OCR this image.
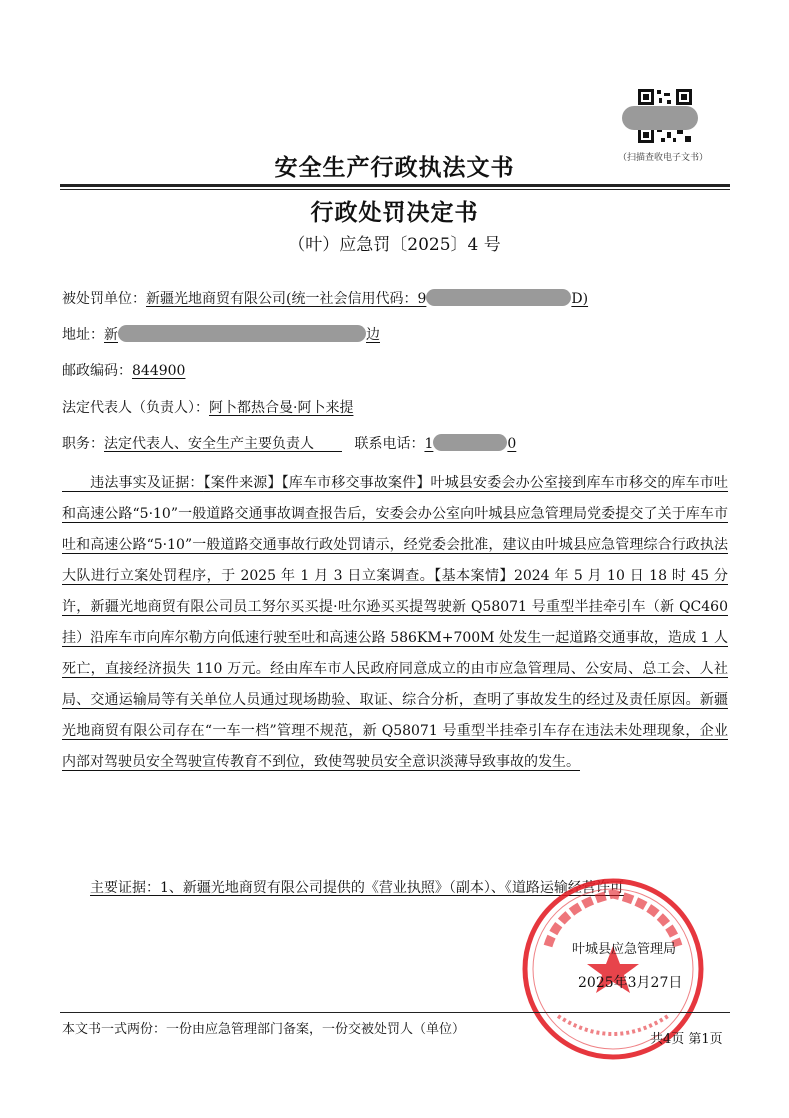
（扫描查收电子文书）
安全生产行政执法文书
行政处罚决定书
（叶）应急罚〔2025〕4 号
被处罚单位：新疆光地商贸有限公司(统一社会信用代码：9	D)
地址：新	边
邮政编码：844900
法定代表人（负责人）：阿卜都热合曼·阿卜来提
职务：法定代表人、安全生产主要负责人  	联系电话：1	0

  违法事实及证据：【案件来源】【库车市移交事故案件】叶城县安委会办公室接到库车市移交的库车市吐和高速公路“5·10”一般道路交通事故调查报告后，安委会办公室向叶城县应急管理局党委提交了关于库车市吐和高速公路“5·10”一般道路交通事故行政处罚请示，经党委会批准，建议由叶城县应急管理综合行政执法大队进行立案处罚程序，于 2025 年 1 月 3 日立案调查。【基本案情】2024 年 5 月 10 日 18 时 45 分许，新疆光地商贸有限公司员工努尔买买提·吐尔逊买买提驾驶新 Q58071 号重型半挂牵引车（新 QC460 挂）沿库车市向库尔勒方向低速行驶至吐和高速公路 586KM+700M 处发生一起道路交通事故，造成 1 人死亡，直接经济损失 110 万元。经由库车市人民政府同意成立的由市应急管理局、公安局、总工会、人社局、交通运输局等有关单位人员通过现场勘验、取证、综合分析，查明了事故发生的经过及责任原因。新疆光地商贸有限公司存在“一车一档”管理不规范，新 Q58071 号重型半挂牵引车存在违法未处理现象，企业内部对驾驶员安全驾驶宣传教育不到位，致使驾驶员安全意识淡薄导致事故的发生。

  主要证据：1、新疆光地商贸有限公司提供的《营业执照》（副本）、《道路运输经营许可
叶城县应急管理局
2025年3月27日
本文书一式两份：一份由应急管理部门备案，一份交被处罚人（单位）
共4页 第1页
